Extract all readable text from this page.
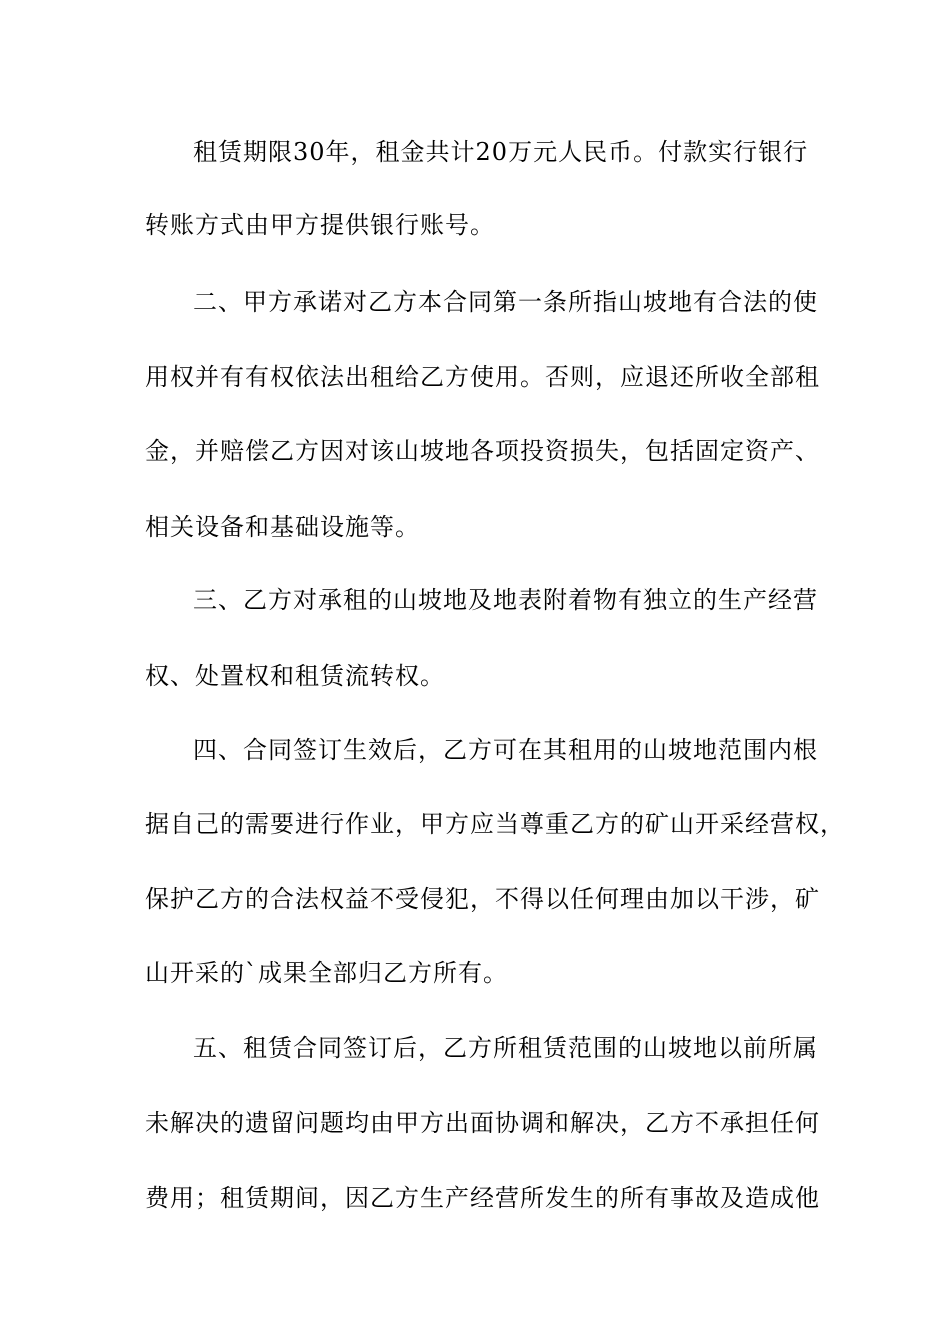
租赁期限30年，租金共计20万元人民币。付款实行银行
转账方式由甲方提供银行账号。
二、甲方承诺对乙方本合同第一条所指山坡地有合法的使
用权并有有权依法出租给乙方使用。否则，应退还所收全部租
金，并赔偿乙方因对该山坡地各项投资损失，包括固定资产、
相关设备和基础设施等。
三、乙方对承租的山坡地及地表附着物有独立的生产经营
权、处置权和租赁流转权。
四、合同签订生效后，乙方可在其租用的山坡地范围内根
据自己的需要进行作业，甲方应当尊重乙方的矿山开采经营权，
保护乙方的合法权益不受侵犯，不得以任何理由加以干涉，矿
山开采的`成果全部归乙方所有。
五、租赁合同签订后，乙方所租赁范围的山坡地以前所属
未解决的遗留问题均由甲方出面协调和解决，乙方不承担任何
费用；租赁期间，因乙方生产经营所发生的所有事故及造成他
